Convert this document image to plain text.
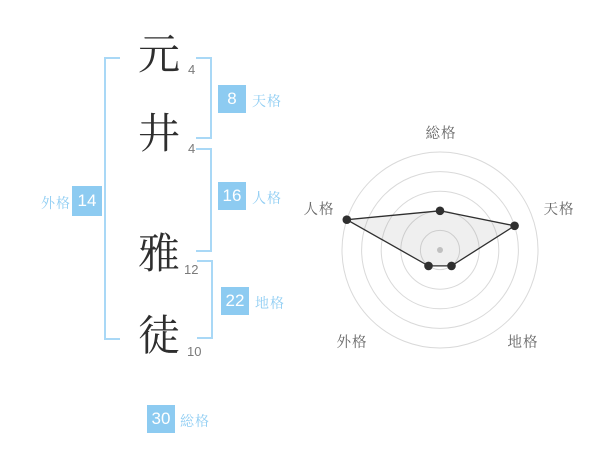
元
井
雅
徒
4
4
12
10
8	天格
16 人格
22 地格
外格 14
30 総格
総格
天格
地格
外格
人格
